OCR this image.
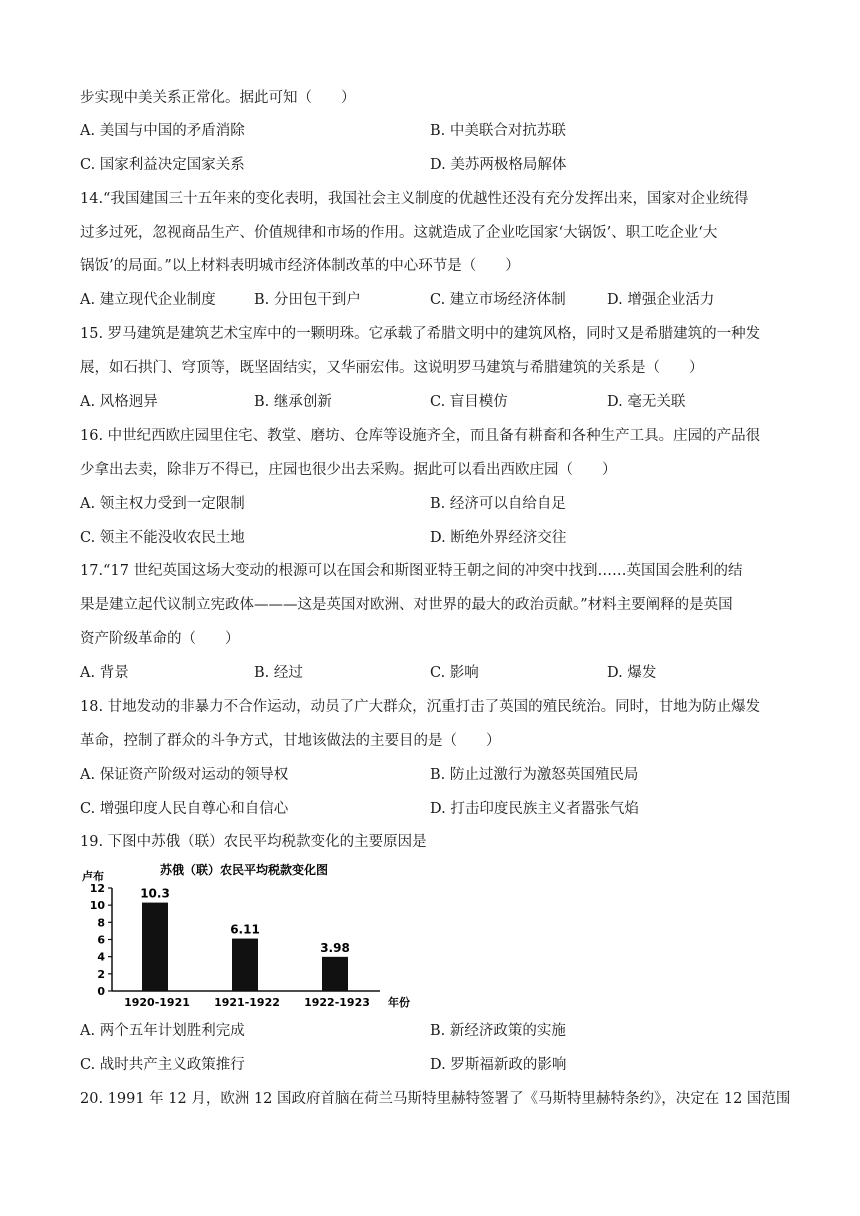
步实现中美关系正常化。据此可知（　　）
A. 美国与中国的矛盾消除	B. 中美联合对抗苏联
C. 国家利益决定国家关系	D. 美苏两极格局解体
14.“我国建国三十五年来的变化表明，我国社会主义制度的优越性还没有充分发挥出来，国家对企业统得
过多过死，忽视商品生产、价值规律和市场的作用。这就造成了企业吃国家‘大锅饭’、职工吃企业‘大
锅饭’的局面。”以上材料表明城市经济体制改革的中心环节是（　　）
A. 建立现代企业制度	B. 分田包干到户	C. 建立市场经济体制	D. 增强企业活力
15. 罗马建筑是建筑艺术宝库中的一颗明珠。它承载了希腊文明中的建筑风格，同时又是希腊建筑的一种发
展，如石拱门、穹顶等，既坚固结实，又华丽宏伟。这说明罗马建筑与希腊建筑的关系是（　　）
A. 风格迥异	B. 继承创新	C. 盲目模仿	D. 毫无关联
16. 中世纪西欧庄园里住宅、教堂、磨坊、仓库等设施齐全，而且备有耕畜和各种生产工具。庄园的产品很
少拿出去卖，除非万不得已，庄园也很少出去采购。据此可以看出西欧庄园（　　）
A. 领主权力受到一定限制	B. 经济可以自给自足
C. 领主不能没收农民土地	D. 断绝外界经济交往
17.“17 世纪英国这场大变动的根源可以在国会和斯图亚特王朝之间的冲突中找到……英国国会胜利的结
果是建立起代议制立宪政体———这是英国对欧洲、对世界的最大的政治贡献。”材料主要阐释的是英国
资产阶级革命的（　　）
A. 背景	B. 经过	C. 影响	D. 爆发
18. 甘地发动的非暴力不合作运动，动员了广大群众，沉重打击了英国的殖民统治。同时，甘地为防止爆发
革命，控制了群众的斗争方式，甘地该做法的主要目的是（　　）
A. 保证资产阶级对运动的领导权	B. 防止过激行为激怒英国殖民局
C. 增强印度人民自尊心和自信心	D. 打击印度民族主义者嚣张气焰
19. 下图中苏俄（联）农民平均税款变化的主要原因是
苏俄（联）农民平均税款变化图
卢布
年份
12
10
8
6
4
2
0
10.3
1920-1921
6.11
1921-1922
3.98
1922-1923
A. 两个五年计划胜利完成	B. 新经济政策的实施
C. 战时共产主义政策推行	D. 罗斯福新政的影响
20. 1991 年 12 月，欧洲 12 国政府首脑在荷兰马斯特里赫特签署了《马斯特里赫特条约》，决定在 12 国范围
